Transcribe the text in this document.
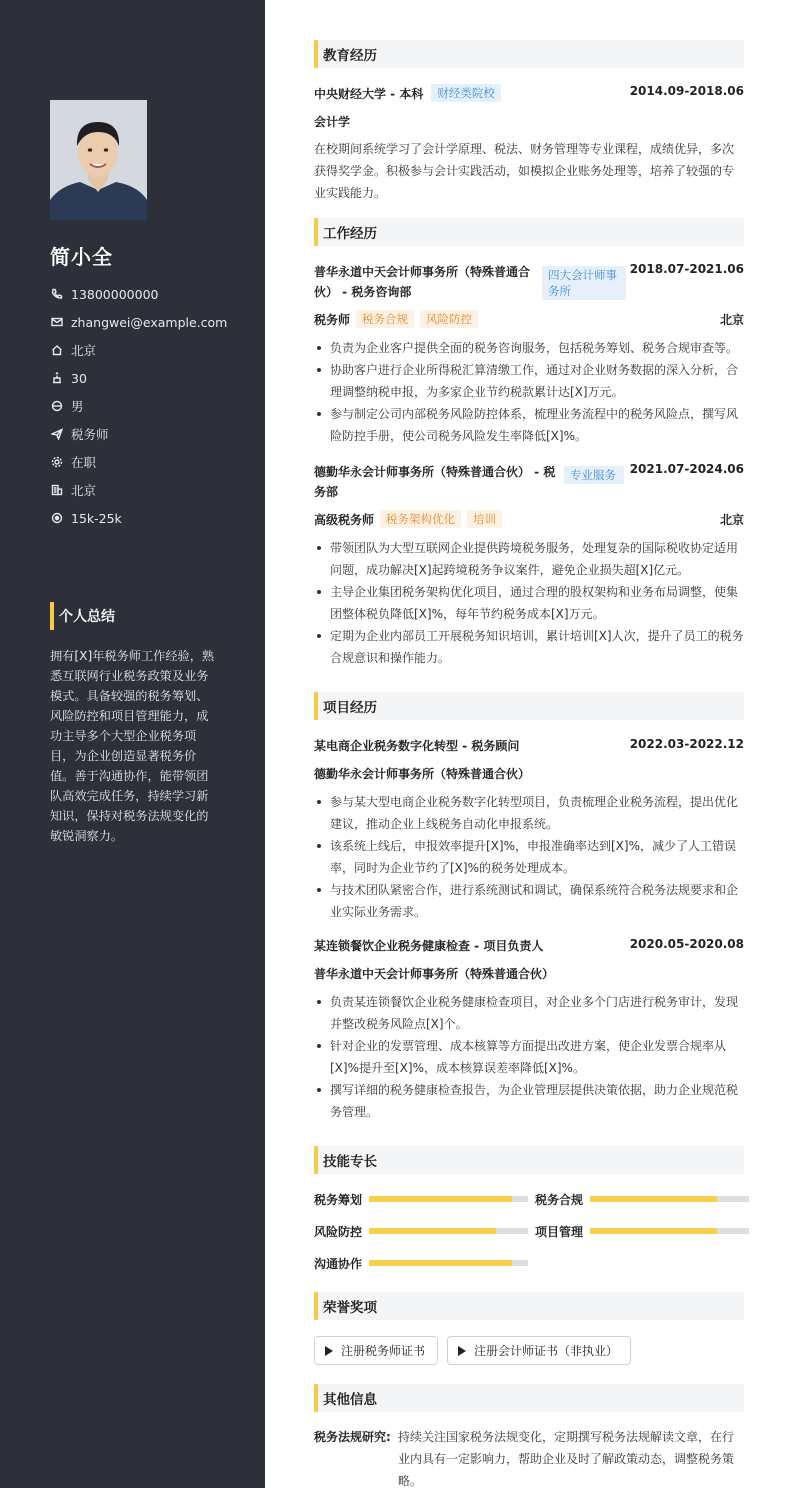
简小全
13800000000
zhangwei@example.com
北京
30
男
税务师
在职
北京
15k-25k
个人总结
拥有[X]年税务师工作经验，熟悉互联网行业税务政策及业务模式。具备较强的税务筹划、风险防控和项目管理能力，成功主导多个大型企业税务项目，为企业创造显著税务价值。善于沟通协作，能带领团队高效完成任务，持续学习新知识，保持对税务法规变化的敏锐洞察力。
教育经历
中央财经大学 - 本科	财经类院校	2014.09-2018.06
会计学
在校期间系统学习了会计学原理、税法、财务管理等专业课程，成绩优异，多次获得奖学金。积极参与会计实践活动，如模拟企业账务处理等，培养了较强的专业实践能力。
工作经历
普华永道中天会计师事务所（特殊普通合伙） - 税务咨询部
四大会计师事务所
2018.07-2021.06
税务师	税务合规	风险防控	北京
负责为企业客户提供全面的税务咨询服务，包括税务筹划、税务合规审查等。
协助客户进行企业所得税汇算清缴工作，通过对企业财务数据的深入分析，合理调整纳税申报，为多家企业节约税款累计达[X]万元。
参与制定公司内部税务风险防控体系，梳理业务流程中的税务风险点，撰写风险防控手册，使公司税务风险发生率降低[X]%。
德勤华永会计师事务所（特殊普通合伙） - 税务部
专业服务	2021.07-2024.06
高级税务师	税务架构优化	培训	北京
带领团队为大型互联网企业提供跨境税务服务，处理复杂的国际税收协定适用问题，成功解决[X]起跨境税务争议案件，避免企业损失超[X]亿元。
主导企业集团税务架构优化项目，通过合理的股权架构和业务布局调整，使集团整体税负降低[X]%，每年节约税务成本[X]万元。
定期为企业内部员工开展税务知识培训，累计培训[X]人次，提升了员工的税务合规意识和操作能力。
项目经历
某电商企业税务数字化转型 - 税务顾问	2022.03-2022.12
德勤华永会计师事务所（特殊普通合伙）
参与某大型电商企业税务数字化转型项目，负责梳理企业税务流程，提出优化建议，推动企业上线税务自动化申报系统。
该系统上线后，申报效率提升[X]%，申报准确率达到[X]%，减少了人工错误率，同时为企业节约了[X]%的税务处理成本。
与技术团队紧密合作，进行系统测试和调试，确保系统符合税务法规要求和企业实际业务需求。
某连锁餐饮企业税务健康检查 - 项目负责人	2020.05-2020.08
普华永道中天会计师事务所（特殊普通合伙）
负责某连锁餐饮企业税务健康检查项目，对企业多个门店进行税务审计，发现并整改税务风险点[X]个。
针对企业的发票管理、成本核算等方面提出改进方案，使企业发票合规率从[X]%提升至[X]%，成本核算误差率降低[X]%。
撰写详细的税务健康检查报告，为企业管理层提供决策依据，助力企业规范税务管理。
技能专长
税务筹划	税务合规
风险防控	项目管理
沟通协作
荣誉奖项
注册税务师证书	注册会计师证书（非执业）
其他信息
税务法规研究: 持续关注国家税务法规变化，定期撰写税务法规解读文章，在行业内具有一定影响力，帮助企业及时了解政策动态，调整税务策略。
